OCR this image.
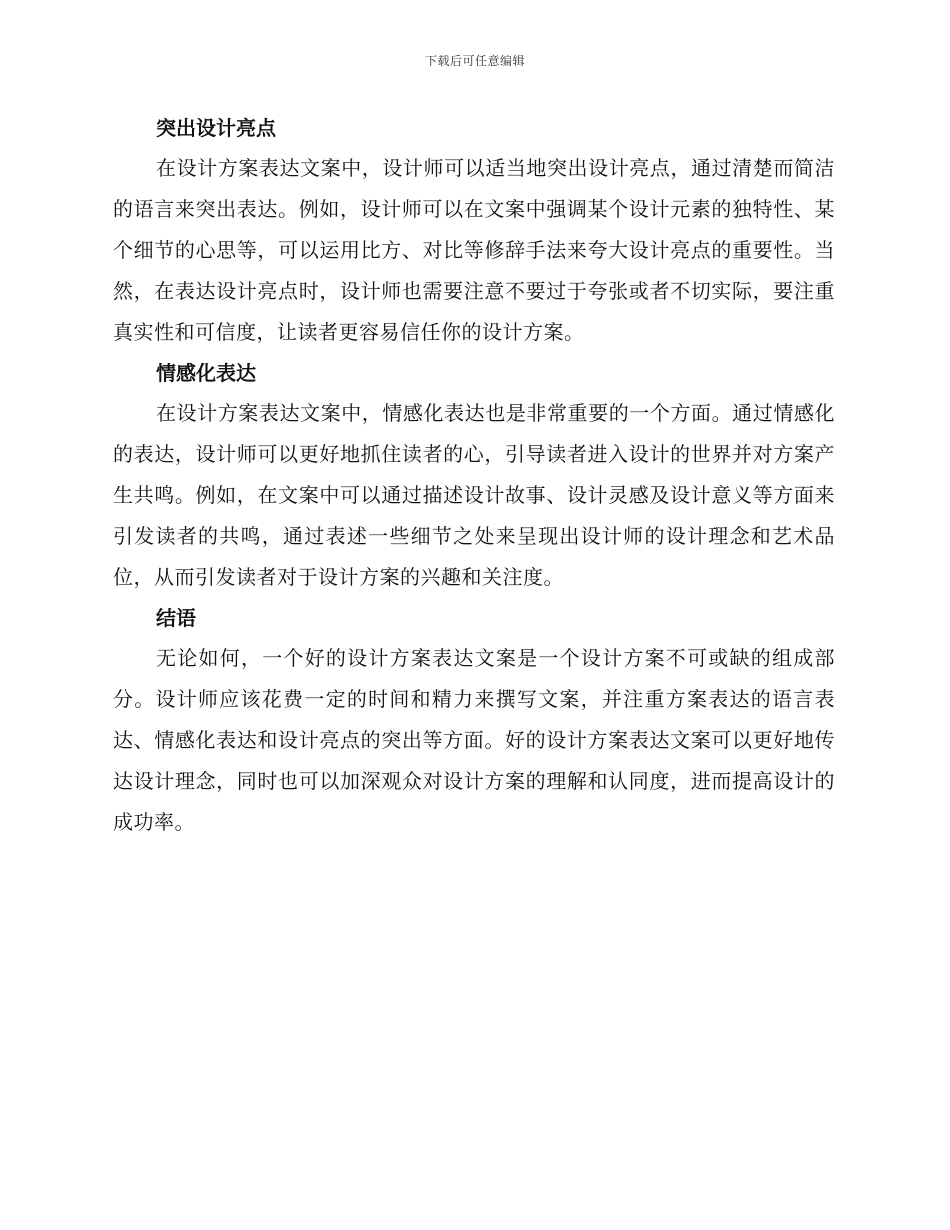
下载后可任意编辑
突出设计亮点

在设计方案表达文案中，设计师可以适当地突出设计亮点，通过清楚而简洁的语言来突出表达。例如，设计师可以在文案中强调某个设计元素的独特性、某个细节的心思等，可以运用比方、对比等修辞手法来夸大设计亮点的重要性。当然，在表达设计亮点时，设计师也需要注意不要过于夸张或者不切实际，要注重真实性和可信度，让读者更容易信任你的设计方案。

情感化表达

在设计方案表达文案中，情感化表达也是非常重要的一个方面。通过情感化的表达，设计师可以更好地抓住读者的心，引导读者进入设计的世界并对方案产生共鸣。例如，在文案中可以通过描述设计故事、设计灵感及设计意义等方面来引发读者的共鸣，通过表述一些细节之处来呈现出设计师的设计理念和艺术品位，从而引发读者对于设计方案的兴趣和关注度。

结语

无论如何，一个好的设计方案表达文案是一个设计方案不可或缺的组成部分。设计师应该花费一定的时间和精力来撰写文案，并注重方案表达的语言表达、情感化表达和设计亮点的突出等方面。好的设计方案表达文案可以更好地传达设计理念，同时也可以加深观众对设计方案的理解和认同度，进而提高设计的成功率。
